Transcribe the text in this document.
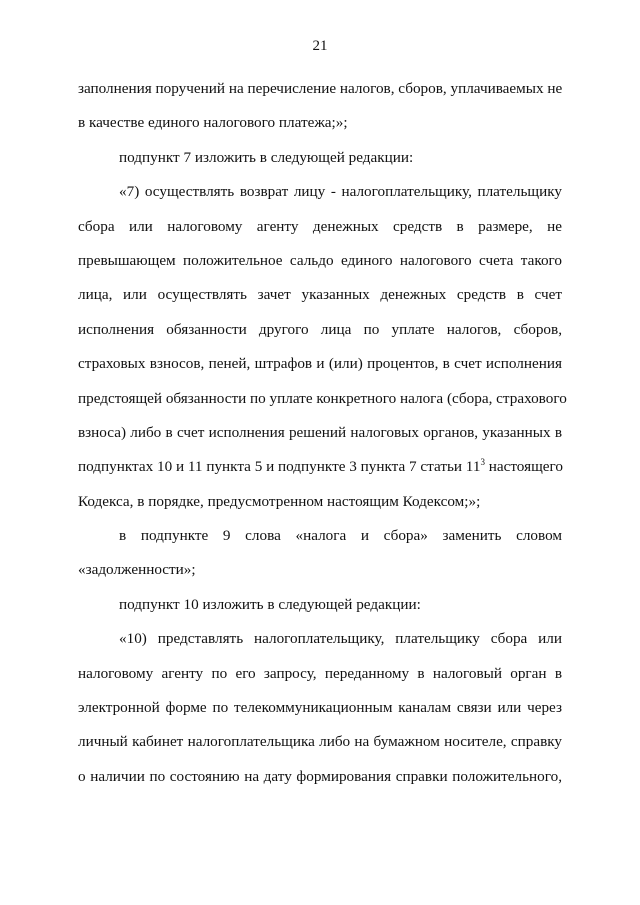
21
заполнения поручений на перечисление налогов, сборов, уплачиваемых не
в качестве единого налогового платежа;»;
подпункт 7 изложить в следующей редакции:
«7) осуществлять возврат лицу - налогоплательщику, плательщику
сбора или налоговому агенту денежных средств в размере, не
превышающем положительное сальдо единого налогового счета такого
лица, или осуществлять зачет указанных денежных средств в счет
исполнения обязанности другого лица по уплате налогов, сборов,
страховых взносов, пеней, штрафов и (или) процентов, в счет исполнения
предстоящей обязанности по уплате конкретного налога (сбора, страхового
взноса) либо в счет исполнения решений налоговых органов, указанных в
подпунктах 10 и 11 пункта 5 и подпункте 3 пункта 7 статьи $11^3$ настоящего
Кодекса, в порядке, предусмотренном настоящим Кодексом;»;
в подпункте 9 слова «налога и сбора» заменить словом
«задолженности»;
подпункт 10 изложить в следующей редакции:
«10) представлять налогоплательщику, плательщику сбора или
налоговому агенту по его запросу, переданному в налоговый орган в
электронной форме по телекоммуникационным каналам связи или через
личный кабинет налогоплательщика либо на бумажном носителе, справку
о наличии по состоянию на дату формирования справки положительного,
